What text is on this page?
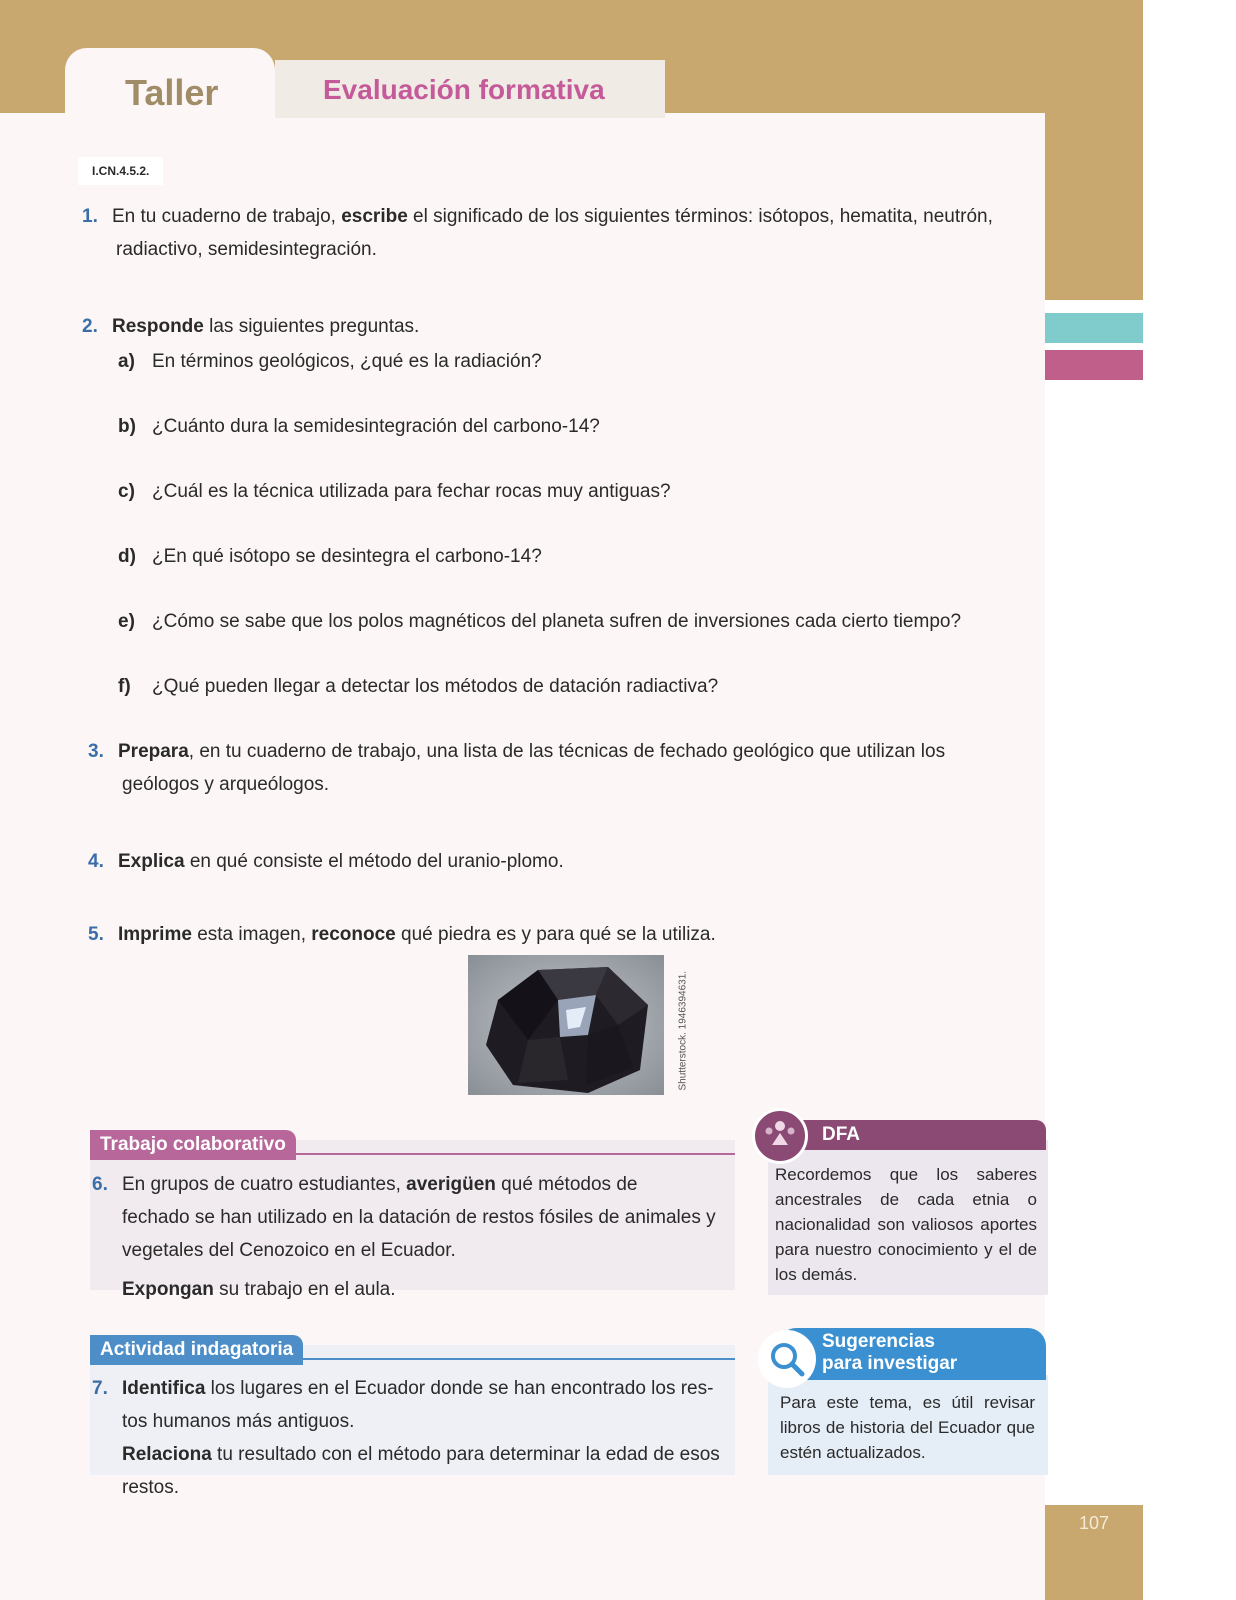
Taller	Evaluación formativa
I.CN.4.5.2.
1. En tu cuaderno de trabajo, escribe el significado de los siguientes términos: isótopos, hematita, neutrón,
radiactivo, semidesintegración.
2. Responde las siguientes preguntas.
a) En términos geológicos, ¿qué es la radiación?
b) ¿Cuánto dura la semidesintegración del carbono-14?
c) ¿Cuál es la técnica utilizada para fechar rocas muy antiguas?
d) ¿En qué isótopo se desintegra el carbono-14?
e) ¿Cómo se sabe que los polos magnéticos del planeta sufren de inversiones cada cierto tiempo?
f) ¿Qué pueden llegar a detectar los métodos de datación radiactiva?
3. Prepara, en tu cuaderno de trabajo, una lista de las técnicas de fechado geológico que utilizan los
geólogos y arqueólogos.
4. Explica en qué consiste el método del uranio-plomo.
5. Imprime esta imagen, reconoce qué piedra es y para qué se la utiliza.
Shutterstock. 1946394631.
Trabajo colaborativo
6. En grupos de cuatro estudiantes, averigüen qué métodos de
fechado se han utilizado en la datación de restos fósiles de animales y
vegetales del Cenozoico en el Ecuador.
Expongan su trabajo en el aula.
Actividad indagatoria
7. Identifica los lugares en el Ecuador donde se han encontrado los res-
tos humanos más antiguos.
Relaciona tu resultado con el método para determinar la edad de esos
restos.
DFA
Recordemos que los saberes ancestrales de cada etnia o nacionalidad son valiosos aportes para nuestro conocimiento y el de los demás.
Sugerencias
para investigar
Para este tema, es útil revisar libros de historia del Ecuador que estén actualizados.
107
